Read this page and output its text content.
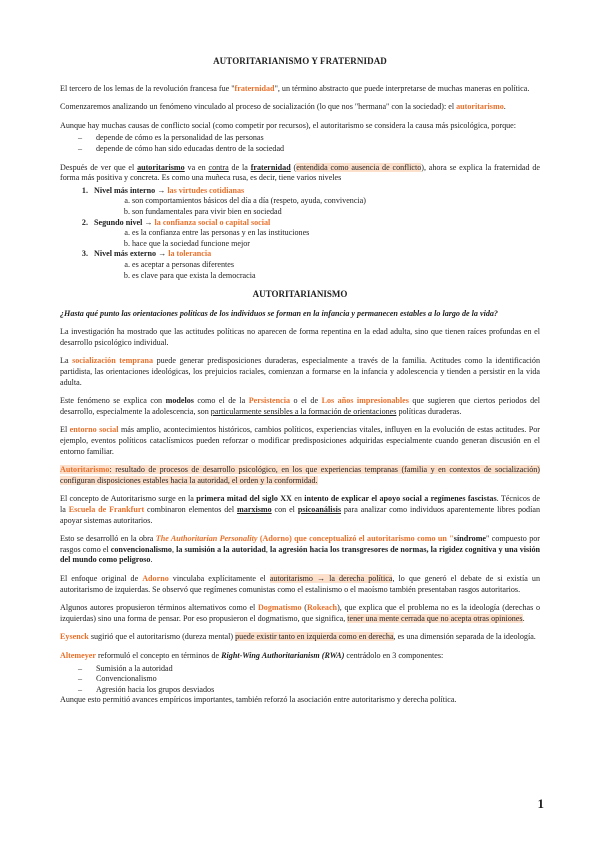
AUTORITARIANISMO Y FRATERNIDAD

El tercero de los lemas de la revolución francesa fue "fraternidad", un término abstracto que puede interpretarse de muchas maneras en política.

Comenzaremos analizando un fenómeno vinculado al proceso de socialización (lo que nos "hermana" con la sociedad): el autoritarismo.

Aunque hay muchas causas de conflicto social (como competir por recursos), el autoritarismo se considera la causa más psicológica, porque:

– depende de cómo es la personalidad de las personas
– depende de cómo han sido educadas dentro de la sociedad

Después de ver que el autoritarismo va en contra de la fraternidad (entendida como ausencia de conflicto), ahora se explica la fraternidad de forma más positiva y concreta. Es como una muñeca rusa, es decir, tiene varios niveles

1. Nivel más interno → las virtudes cotidianas
a. son comportamientos básicos del día a día (respeto, ayuda, convivencia)
b. son fundamentales para vivir bien en sociedad
2. Segundo nivel → la confianza social o capital social
a. es la confianza entre las personas y en las instituciones
b. hace que la sociedad funcione mejor
3. Nivel más externo → la tolerancia
a. es aceptar a personas diferentes
b. es clave para que exista la democracia
AUTORITARIANISMO

¿Hasta qué punto las orientaciones políticas de los individuos se forman en la infancia y permanecen estables a lo largo de la vida?

La investigación ha mostrado que las actitudes políticas no aparecen de forma repentina en la edad adulta, sino que tienen raíces profundas en el desarrollo psicológico individual.

La socialización temprana puede generar predisposiciones duraderas, especialmente a través de la familia. Actitudes como la identificación partidista, las orientaciones ideológicas, los prejuicios raciales, comienzan a formarse en la infancia y adolescencia y tienden a persistir en la vida adulta.

Este fenómeno se explica con modelos como el de la Persistencia o el de Los años impresionables que sugieren que ciertos periodos del desarrollo, especialmente la adolescencia, son particularmente sensibles a la formación de orientaciones políticas duraderas.

El entorno social más amplio, acontecimientos históricos, cambios políticos, experiencias vitales, influyen en la evolución de estas actitudes. Por ejemplo, eventos políticos cataclísmicos pueden reforzar o modificar predisposiciones adquiridas especialmente cuando generan discusión en el entorno familiar.

Autoritarismo: resultado de procesos de desarrollo psicológico, en los que experiencias tempranas (familia y en contextos de socialización) configuran disposiciones estables hacia la autoridad, el orden y la conformidad.

El concepto de Autoritarismo surge en la primera mitad del siglo XX en intento de explicar el apoyo social a regímenes fascistas. Técnicos de la Escuela de Frankfurt combinaron elementos del marxismo con el psicoanálisis para analizar como individuos aparentemente libres podían apoyar sistemas autoritarios.

Esto se desarrolló en la obra The Authoritarian Personality (Adorno) que conceptualizó el autoritarismo como un "síndrome" compuesto por rasgos como el convencionalismo, la sumisión a la autoridad, la agresión hacia los transgresores de normas, la rigidez cognitiva y una visión del mundo como peligroso.

El enfoque original de Adorno vinculaba explícitamente el autoritarismo → la derecha política, lo que generó el debate de si existía un autoritarismo de izquierdas. Se observó que regímenes comunistas como el estalinismo o el maoísmo también presentaban rasgos autoritarios.

Algunos autores propusieron términos alternativos como el Dogmatismo (Rokeach), que explica que el problema no es la ideología (derechas o izquierdas) sino una forma de pensar. Por eso propusieron el dogmatismo, que significa, tener una mente cerrada que no acepta otras opiniones.

Eysenck sugirió que el autoritarismo (dureza mental) puede existir tanto en izquierda como en derecha, es una dimensión separada de la ideología.

Altemeyer reformuló el concepto en términos de Right-Wing Authoritarianism (RWA) centrádolo en 3 componentes:

– Sumisión a la autoridad
– Convencionalismo
– Agresión hacia los grupos desviados

Aunque esto permitió avances empíricos importantes, también reforzó la asociación entre autoritarismo y derecha política.

1
